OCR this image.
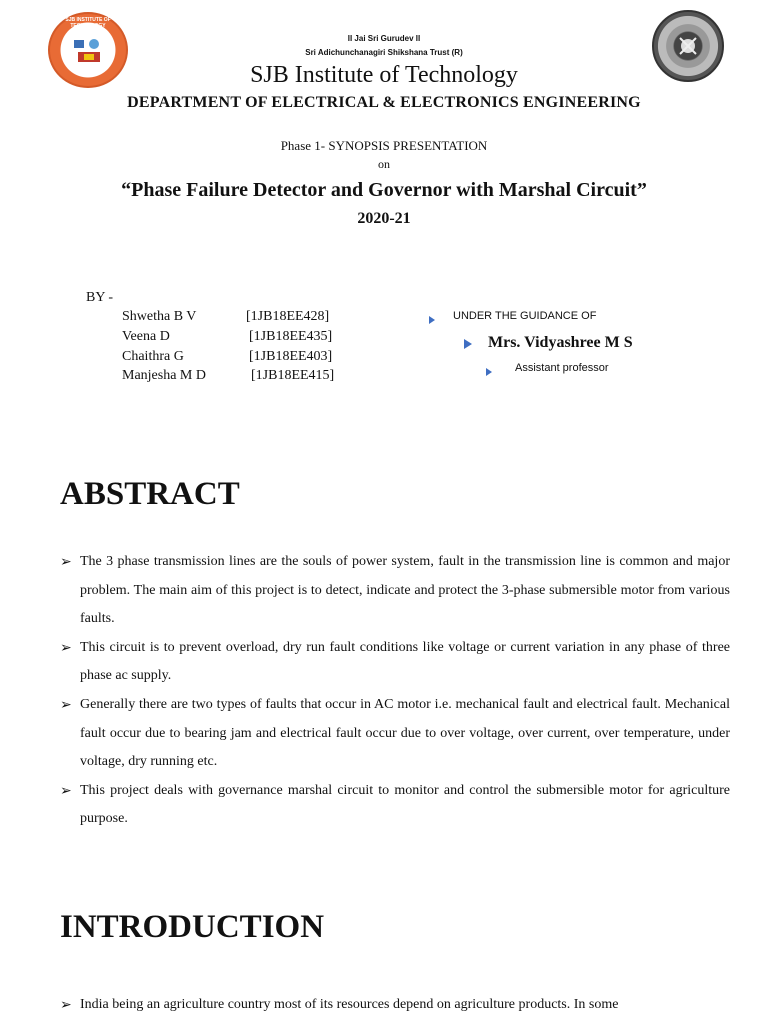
SJB INSTITUTE OF TECHNOLOGY
SJBIT
II Jai Sri Gurudev II
Sri Adichunchanagiri Shikshana Trust (R)
SJB Institute of Technology
DEPARTMENT OF ELECTRICAL & ELECTRONICS ENGINEERING
Phase 1- SYNOPSIS PRESENTATION
on
“Phase Failure Detector and Governor with Marshal Circuit”
2020-21
BY -
Shwetha B V	[1JB18EE428]
Veena D	[1JB18EE435]
Chaithra G	[1JB18EE403]
Manjesha M D	[1JB18EE415]
UNDER THE GUIDANCE OF
Mrs. Vidyashree M S
Assistant professor
ABSTRACT
➢ The 3 phase transmission lines are the souls of power system, fault in the transmission line is common and major problem. The main aim of this project is to detect, indicate and protect the 3-phase submersible motor from various faults.
➢ This circuit is to prevent overload, dry run fault conditions like voltage or current variation in any phase of three phase ac supply.
➢ Generally there are two types of faults that occur in AC motor i.e. mechanical fault and electrical fault. Mechanical fault occur due to bearing jam and electrical fault occur due to over voltage, over current, over temperature, under voltage, dry running etc.
➢ This project deals with governance marshal circuit to monitor and control the submersible motor for agriculture purpose.
INTRODUCTION
➢ India being an agriculture country most of its resources depend on agriculture products. In some
